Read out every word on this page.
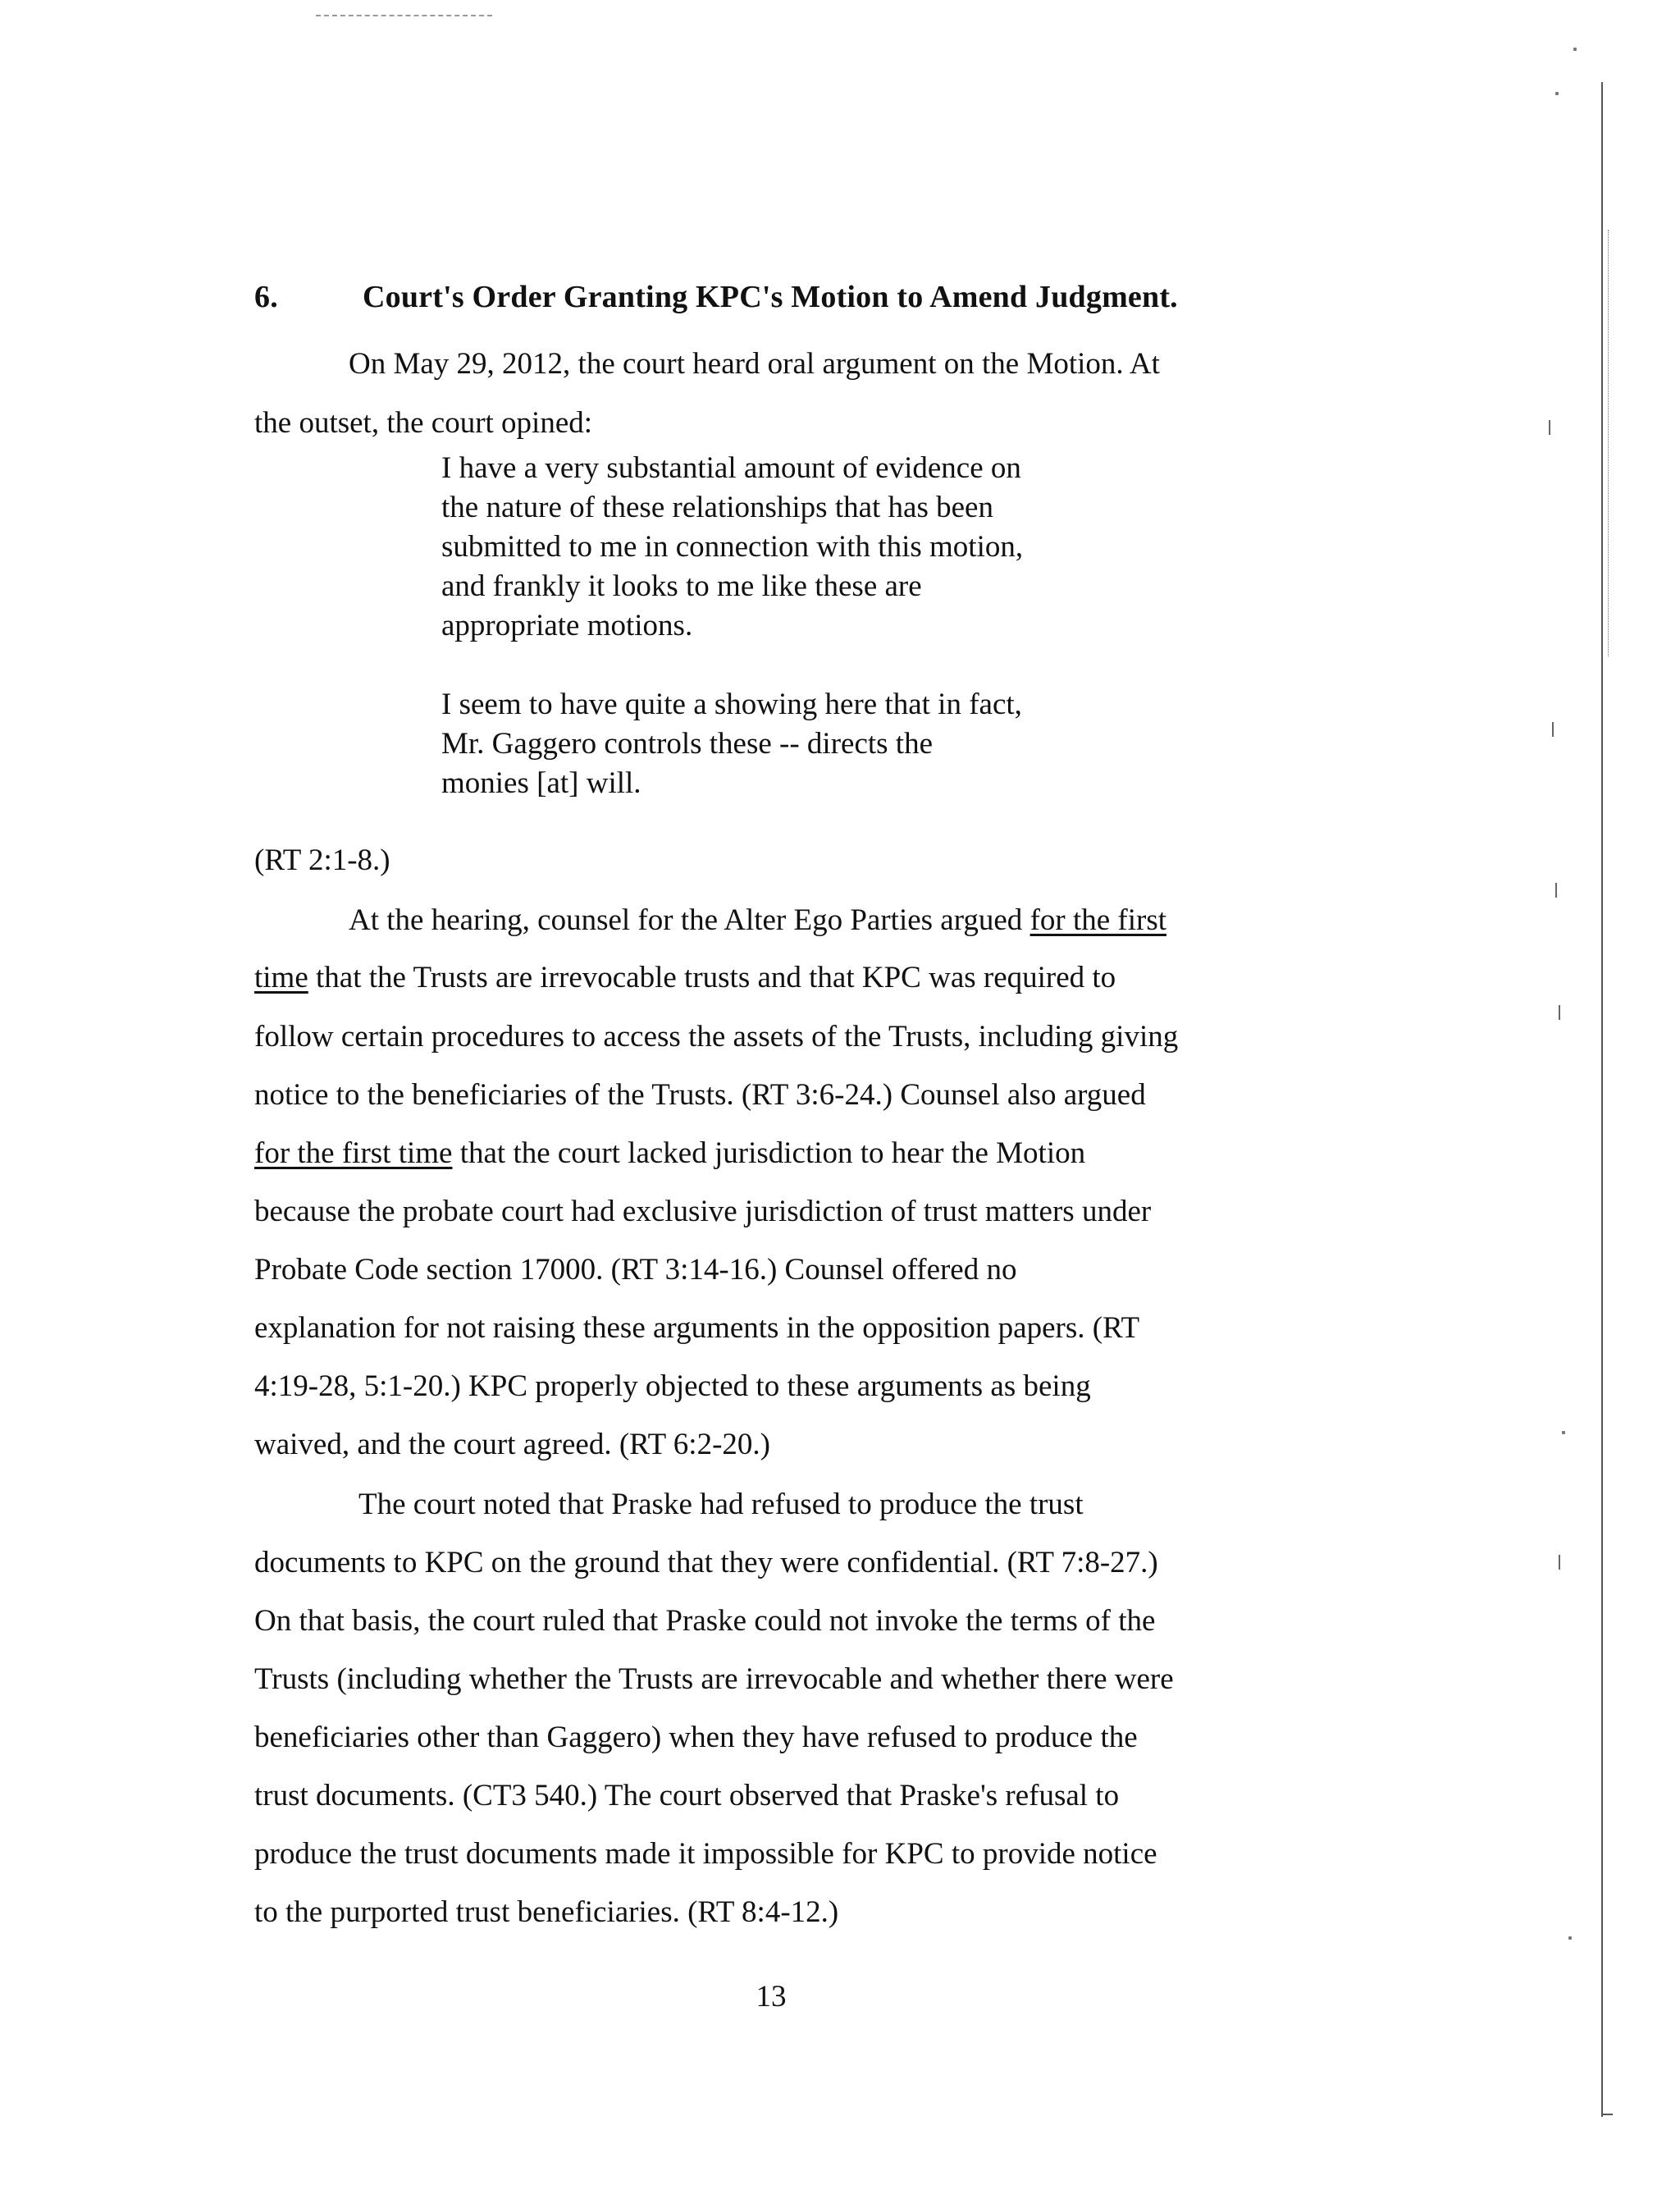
6.	Court's Order Granting KPC's Motion to Amend Judgment.
On May 29, 2012, the court heard oral argument on the Motion. At
the outset, the court opined:
I have a very substantial amount of evidence on
the nature of these relationships that has been
submitted to me in connection with this motion,
and frankly it looks to me like these are
appropriate motions.
I seem to have quite a showing here that in fact,
Mr. Gaggero controls these -- directs the
monies [at] will.
(RT 2:1-8.)
At the hearing, counsel for the Alter Ego Parties argued for the first
time that the Trusts are irrevocable trusts and that KPC was required to
follow certain procedures to access the assets of the Trusts, including giving
notice to the beneficiaries of the Trusts. (RT 3:6-24.) Counsel also argued
for the first time that the court lacked jurisdiction to hear the Motion
because the probate court had exclusive jurisdiction of trust matters under
Probate Code section 17000. (RT 3:14-16.) Counsel offered no
explanation for not raising these arguments in the opposition papers. (RT
4:19-28, 5:1-20.) KPC properly objected to these arguments as being
waived, and the court agreed. (RT 6:2-20.)
The court noted that Praske had refused to produce the trust
documents to KPC on the ground that they were confidential. (RT 7:8-27.)
On that basis, the court ruled that Praske could not invoke the terms of the
Trusts (including whether the Trusts are irrevocable and whether there were
beneficiaries other than Gaggero) when they have refused to produce the
trust documents. (CT3 540.) The court observed that Praske's refusal to
produce the trust documents made it impossible for KPC to provide notice
to the purported trust beneficiaries. (RT 8:4-12.)
13
